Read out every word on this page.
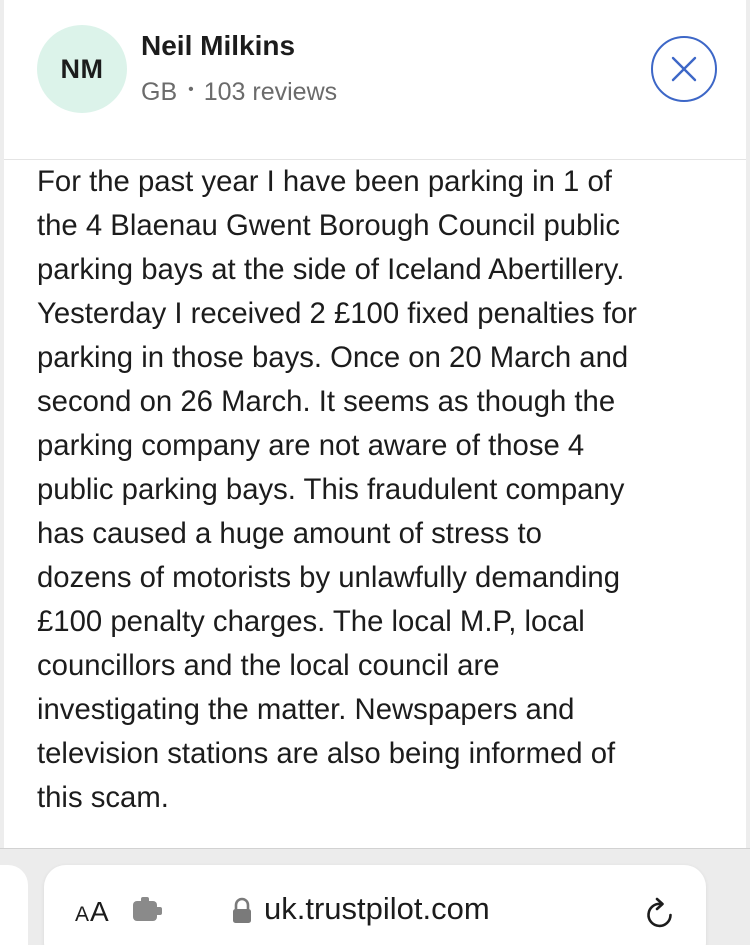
NM
Neil Milkins
GB • 103 reviews
For the past year I have been parking in 1 of
the 4 Blaenau Gwent Borough Council public
parking bays at the side of Iceland Abertillery.
Yesterday I received 2 £100 fixed penalties for
parking in those bays. Once on 20 March and
second on 26 March. It seems as though the
parking company are not aware of those 4
public parking bays. This fraudulent company
has caused a huge amount of stress to
dozens of motorists by unlawfully demanding
£100 penalty charges. The local M.P, local
councillors and the local council are
investigating the matter. Newspapers and
television stations are also being informed of
this scam.
A A	uk.trustpilot.com
